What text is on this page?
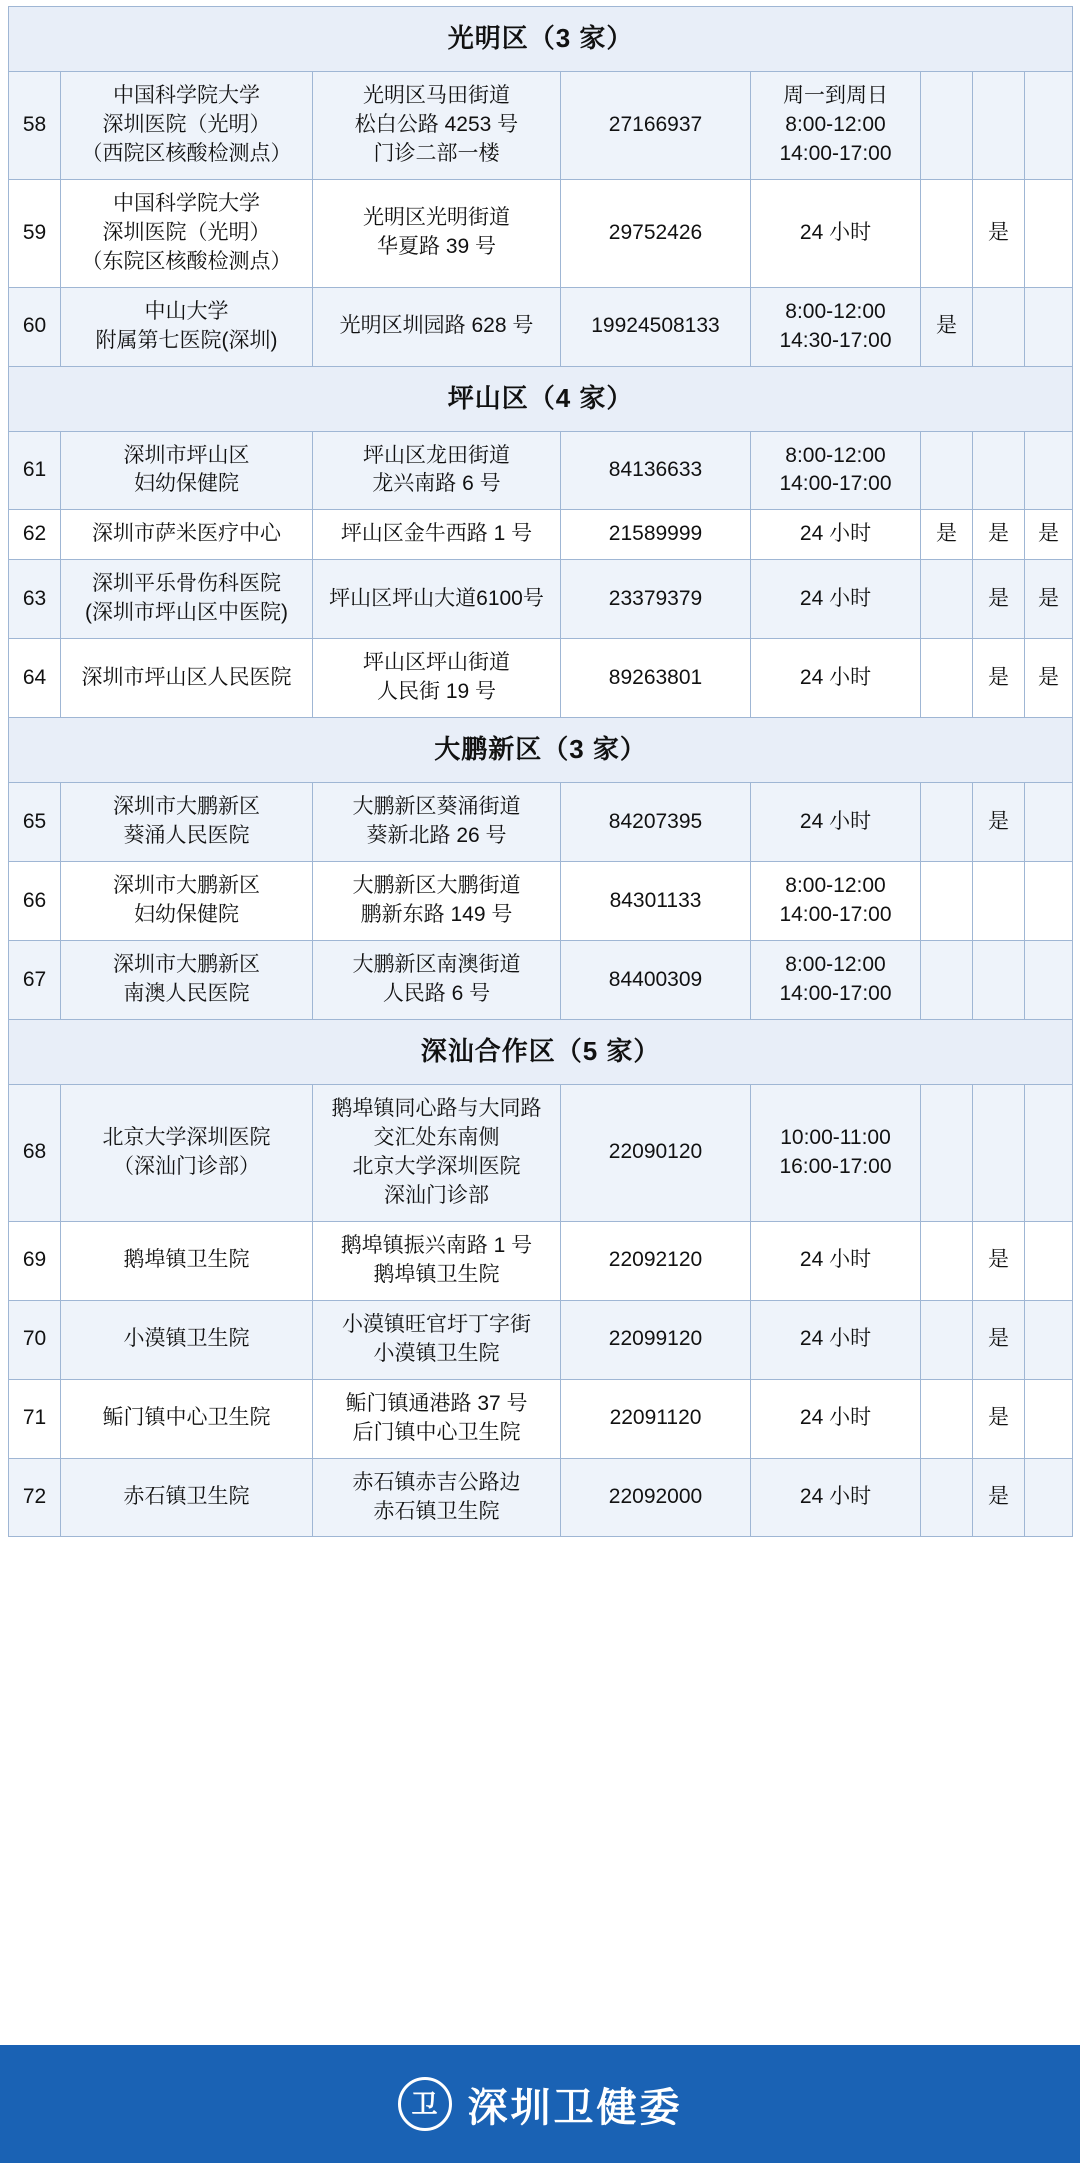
光明区（3 家）							
58	中国科学院大学
深圳医院（光明）
（西院区核酸检测点）	光明区马田街道
松白公路 4253 号
门诊二部一楼	27166937	周一到周日
8:00-12:00
14:00-17:00			
59	中国科学院大学
深圳医院（光明）
（东院区核酸检测点）	光明区光明街道
华夏路 39 号	29752426	24 小时		是	
60	中山大学
附属第七医院(深圳)	光明区圳园路 628 号	19924508133	8:00-12:00
14:30-17:00	是		
坪山区（4 家）							
61	深圳市坪山区
妇幼保健院	坪山区龙田街道
龙兴南路 6 号	84136633	8:00-12:00
14:00-17:00			
62	深圳市萨米医疗中心	坪山区金牛西路 1 号	21589999	24 小时	是	是	是
63	深圳平乐骨伤科医院
(深圳市坪山区中医院)	坪山区坪山大道6100号	23379379	24 小时		是	是
64	深圳市坪山区人民医院	坪山区坪山街道
人民街 19 号	89263801	24 小时		是	是
大鹏新区（3 家）							
65	深圳市大鹏新区
葵涌人民医院	大鹏新区葵涌街道
葵新北路 26 号	84207395	24 小时		是	
66	深圳市大鹏新区
妇幼保健院	大鹏新区大鹏街道
鹏新东路 149 号	84301133	8:00-12:00
14:00-17:00			
67	深圳市大鹏新区
南澳人民医院	大鹏新区南澳街道
人民路 6 号	84400309	8:00-12:00
14:00-17:00			
深汕合作区（5 家）							
68	北京大学深圳医院
（深汕门诊部）	鹅埠镇同心路与大同路
交汇处东南侧
北京大学深圳医院
深汕门诊部	22090120	10:00-11:00
16:00-17:00			
69	鹅埠镇卫生院	鹅埠镇振兴南路 1 号
鹅埠镇卫生院	22092120	24 小时		是	
70	小漠镇卫生院	小漠镇旺官圩丁字街
小漠镇卫生院	22099120	24 小时		是	
71	鲘门镇中心卫生院	鲘门镇通港路 37 号
后门镇中心卫生院	22091120	24 小时		是	
72	赤石镇卫生院	赤石镇赤吉公路边
赤石镇卫生院	22092000	24 小时		是	
卫 深圳卫健委
